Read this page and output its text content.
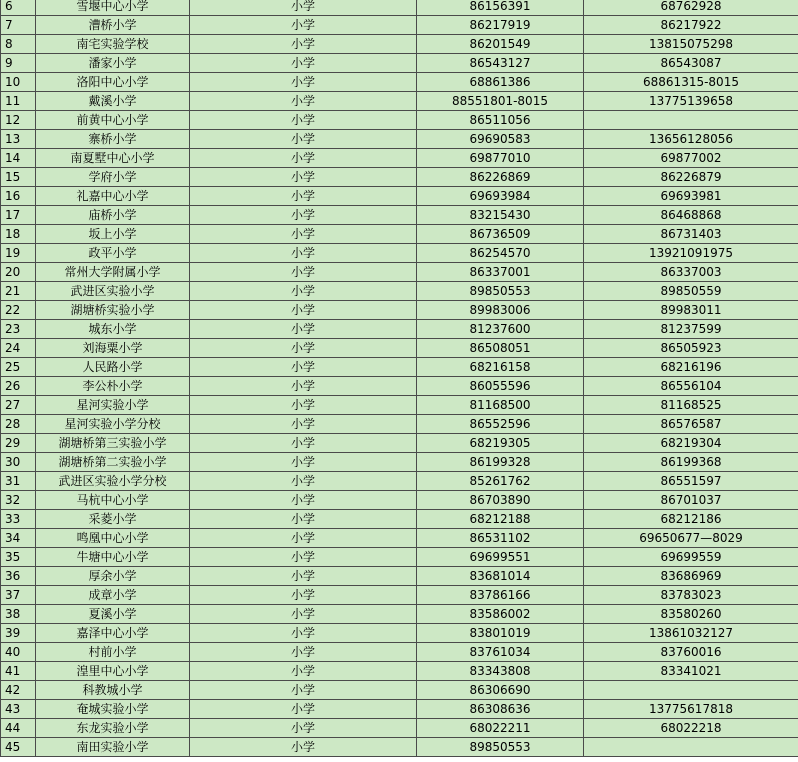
6	雪堰中心小学	小学	86156391	68762928
7	漕桥小学	小学	86217919	86217922
8	南宅实验学校	小学	86201549	13815075298
9	潘家小学	小学	86543127	86543087
10	洛阳中心小学	小学	68861386	68861315-8015
11	戴溪小学	小学	88551801-8015	13775139658
12	前黄中心小学	小学	86511056	
13	寨桥小学	小学	69690583	13656128056
14	南夏墅中心小学	小学	69877010	69877002
15	学府小学	小学	86226869	86226879
16	礼嘉中心小学	小学	69693984	69693981
17	庙桥小学	小学	83215430	86468868
18	坂上小学	小学	86736509	86731403
19	政平小学	小学	86254570	13921091975
20	常州大学附属小学	小学	86337001	86337003
21	武进区实验小学	小学	89850553	89850559
22	湖塘桥实验小学	小学	89983006	89983011
23	城东小学	小学	81237600	81237599
24	刘海粟小学	小学	86508051	86505923
25	人民路小学	小学	68216158	68216196
26	李公朴小学	小学	86055596	86556104
27	星河实验小学	小学	81168500	81168525
28	星河实验小学分校	小学	86552596	86576587
29	湖塘桥第三实验小学	小学	68219305	68219304
30	湖塘桥第二实验小学	小学	86199328	86199368
31	武进区实验小学分校	小学	85261762	86551597
32	马杭中心小学	小学	86703890	86701037
33	采菱小学	小学	68212188	68212186
34	鸣凰中心小学	小学	86531102	69650677—8029
35	牛塘中心小学	小学	69699551	69699559
36	厚余小学	小学	83681014	83686969
37	成章小学	小学	83786166	83783023
38	夏溪小学	小学	83586002	83580260
39	嘉泽中心小学	小学	83801019	13861032127
40	村前小学	小学	83761034	83760016
41	湟里中心小学	小学	83343808	83341021
42	科教城小学	小学	86306690	
43	奄城实验小学	小学	86308636	13775617818
44	东龙实验小学	小学	68022211	68022218
45	南田实验小学	小学	89850553	
